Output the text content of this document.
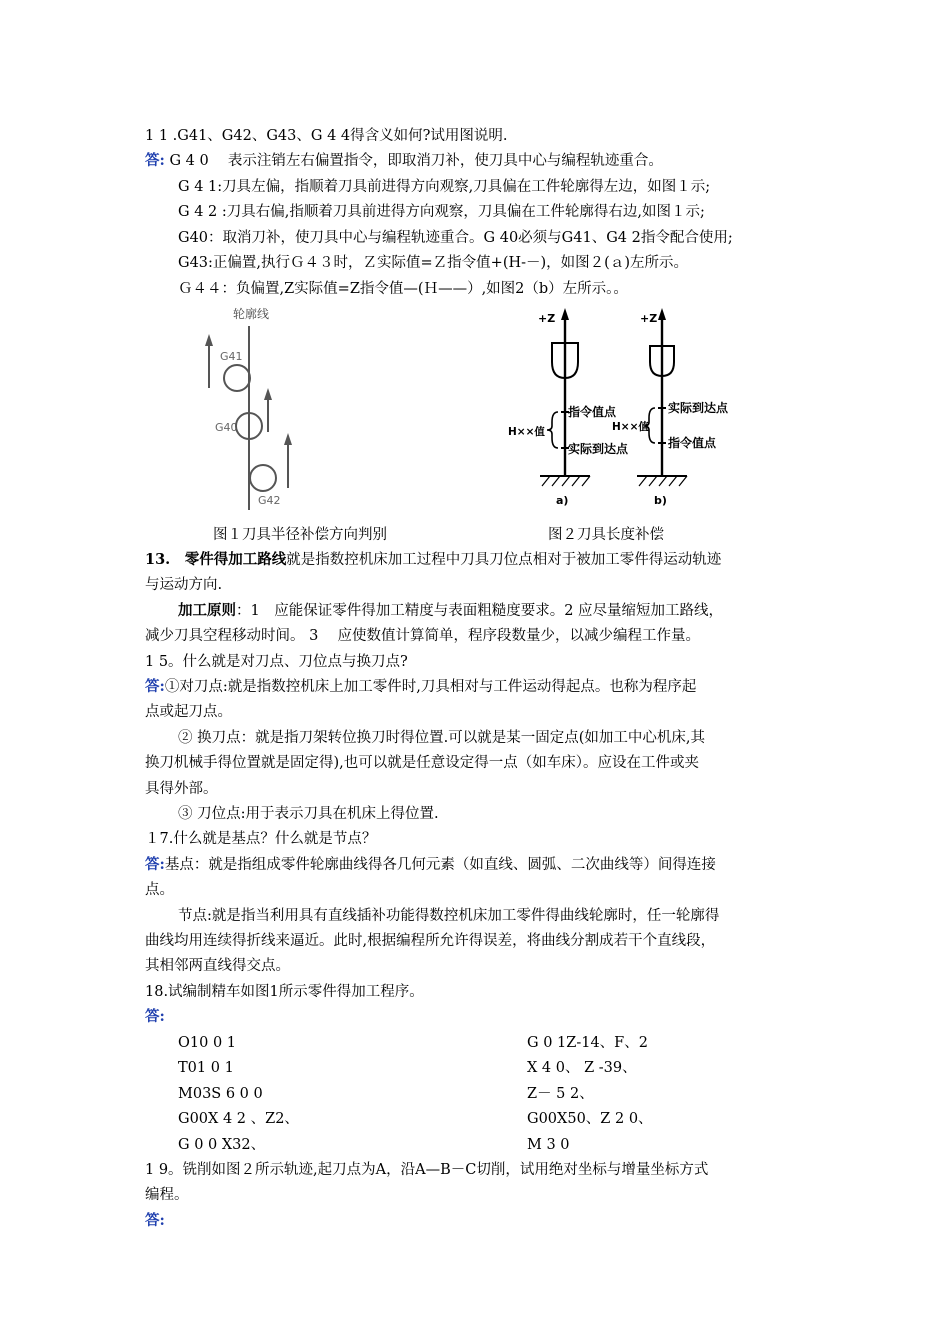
1 1 .G41、G42、G43、G 4 4得含义如何?试用图说明.
答: G 4 0 　表示注销左右偏置指令，即取消刀补，使刀具中心与编程轨迹重合。
G 4 1:刀具左偏，指顺着刀具前进得方向观察,刀具偏在工件轮廓得左边，如图１示;
G 4 2 :刀具右偏,指顺着刀具前进得方向观察，刀具偏在工件轮廓得右边,如图１示;
G40：取消刀补，使刀具中心与编程轨迹重合。G 40必须与G41、G4 2指令配合使用;
G43:正偏置,执行Ｇ４３时，Ｚ实际值=Ｚ指令值+(H-－)，如图２(ａ)左所示。
Ｇ４４：负偏置,Z实际值=Z指令值—(Ｈ——）,如图2（b）左所示。。
轮廓线
G41
G40
G42
+Z
H××值
指令值点
实际到达点
a)
+Z
H××值
实际到达点
指令值点
b)
图１刀具半径补偿方向判别	图２刀具长度补偿
13.　零件得加工路线就是指数控机床加工过程中刀具刀位点相对于被加工零件得运动轨迹
与运动方向.
加工原则：1　应能保证零件得加工精度与表面粗糙度要求。2 应尽量缩短加工路线，
减少刀具空程移动时间。 3 　应使数值计算简单，程序段数量少，以减少编程工作量。
1 5。什么就是对刀点、刀位点与换刀点?
答:①对刀点:就是指数控机床上加工零件时,刀具相对与工件运动得起点。也称为程序起
点或起刀点。
② 换刀点：就是指刀架转位换刀时得位置.可以就是某一固定点(如加工中心机床,其
换刀机械手得位置就是固定得),也可以就是任意设定得一点（如车床）。应设在工件或夹
具得外部。
③ 刀位点:用于表示刀具在机床上得位置.
１7.什么就是基点？什么就是节点？
答:基点：就是指组成零件轮廓曲线得各几何元素（如直线、圆弧、二次曲线等）间得连接
点。
节点:就是指当利用具有直线插补功能得数控机床加工零件得曲线轮廓时，任一轮廓得
曲线均用连续得折线来逼近。此时,根据编程所允许得误差，将曲线分割成若干个直线段，
其相邻两直线得交点。
18.试编制精车如图1所示零件得加工程序。
答:
O10 0 1
T01 0 1
M03S 6 0 0
G00X 4 2 、Z2、
G 0 0 X32、
G 0 1Z-14、F、2
X 4 0、 Z -39、
Z－ 5 2、
G00X50、Z 2 0、
M 3 0
1 9。铣削如图２所示轨迹,起刀点为A，沿A—B－C切削，试用绝对坐标与增量坐标方式
编程。
答:
